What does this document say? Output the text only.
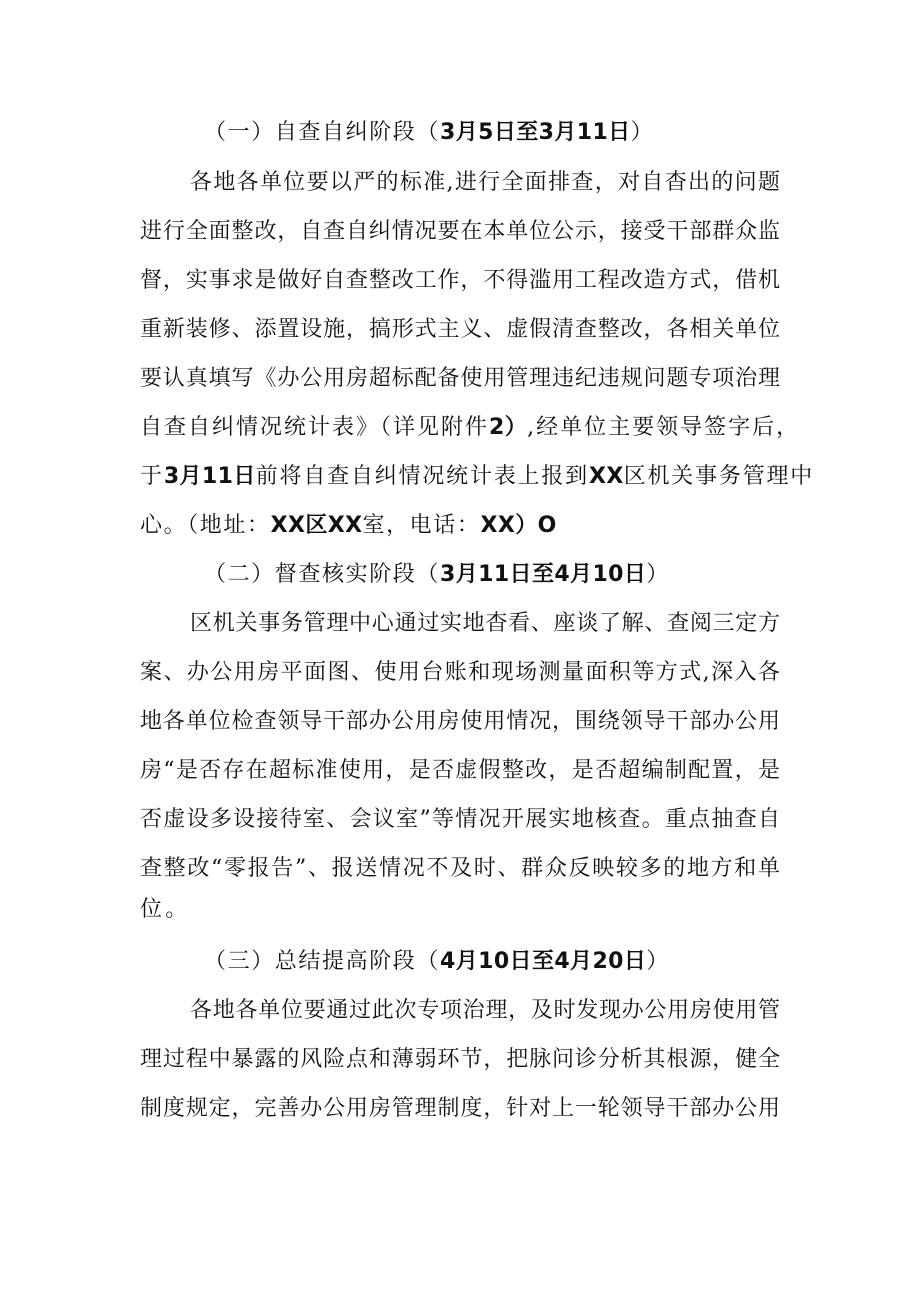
（一）自查自纠阶段（3月5日至3月11日）
各地各单位要以严的标准,进行全面排查，对自杳出的问题
进行全面整改，自查自纠情况要在本单位公示，接受干部群众监
督，实事求是做好自查整改工作，不得滥用工程改造方式，借机
重新装修、添置设施，搞形式主义、虚假清查整改，各相关单位
要认真填写《办公用房超标配备使用管理违纪违规问题专项治理
自查自纠情况统计表》（详见附件2）,经单位主要领导签字后，
于3月11日前将自查自纠情况统计表上报到XX区机关事务管理中
心。（地址：XX区XX室，电话：XX）O
（二）督查核实阶段（3月11日至4月10日）
区机关事务管理中心通过实地杳看、座谈了解、查阅三定方
案、办公用房平面图、使用台账和现场测量面积等方式,深入各
地各单位检查领导干部办公用房使用情况，围绕领导干部办公用
房“是否存在超标准使用，是否虚假整改，是否超编制配置，是
否虚设多设接待室、会议室”等情况开展实地核查。重点抽查自
查整改“零报告”、报送情况不及时、群众反映较多的地方和单
位。
（三）总结提高阶段（4月10日至4月20日）
各地各单位要通过此次专项治理，及时发现办公用房使用管
理过程中暴露的风险点和薄弱环节，把脉问诊分析其根源，健全
制度规定，完善办公用房管理制度，针对上一轮领导干部办公用
